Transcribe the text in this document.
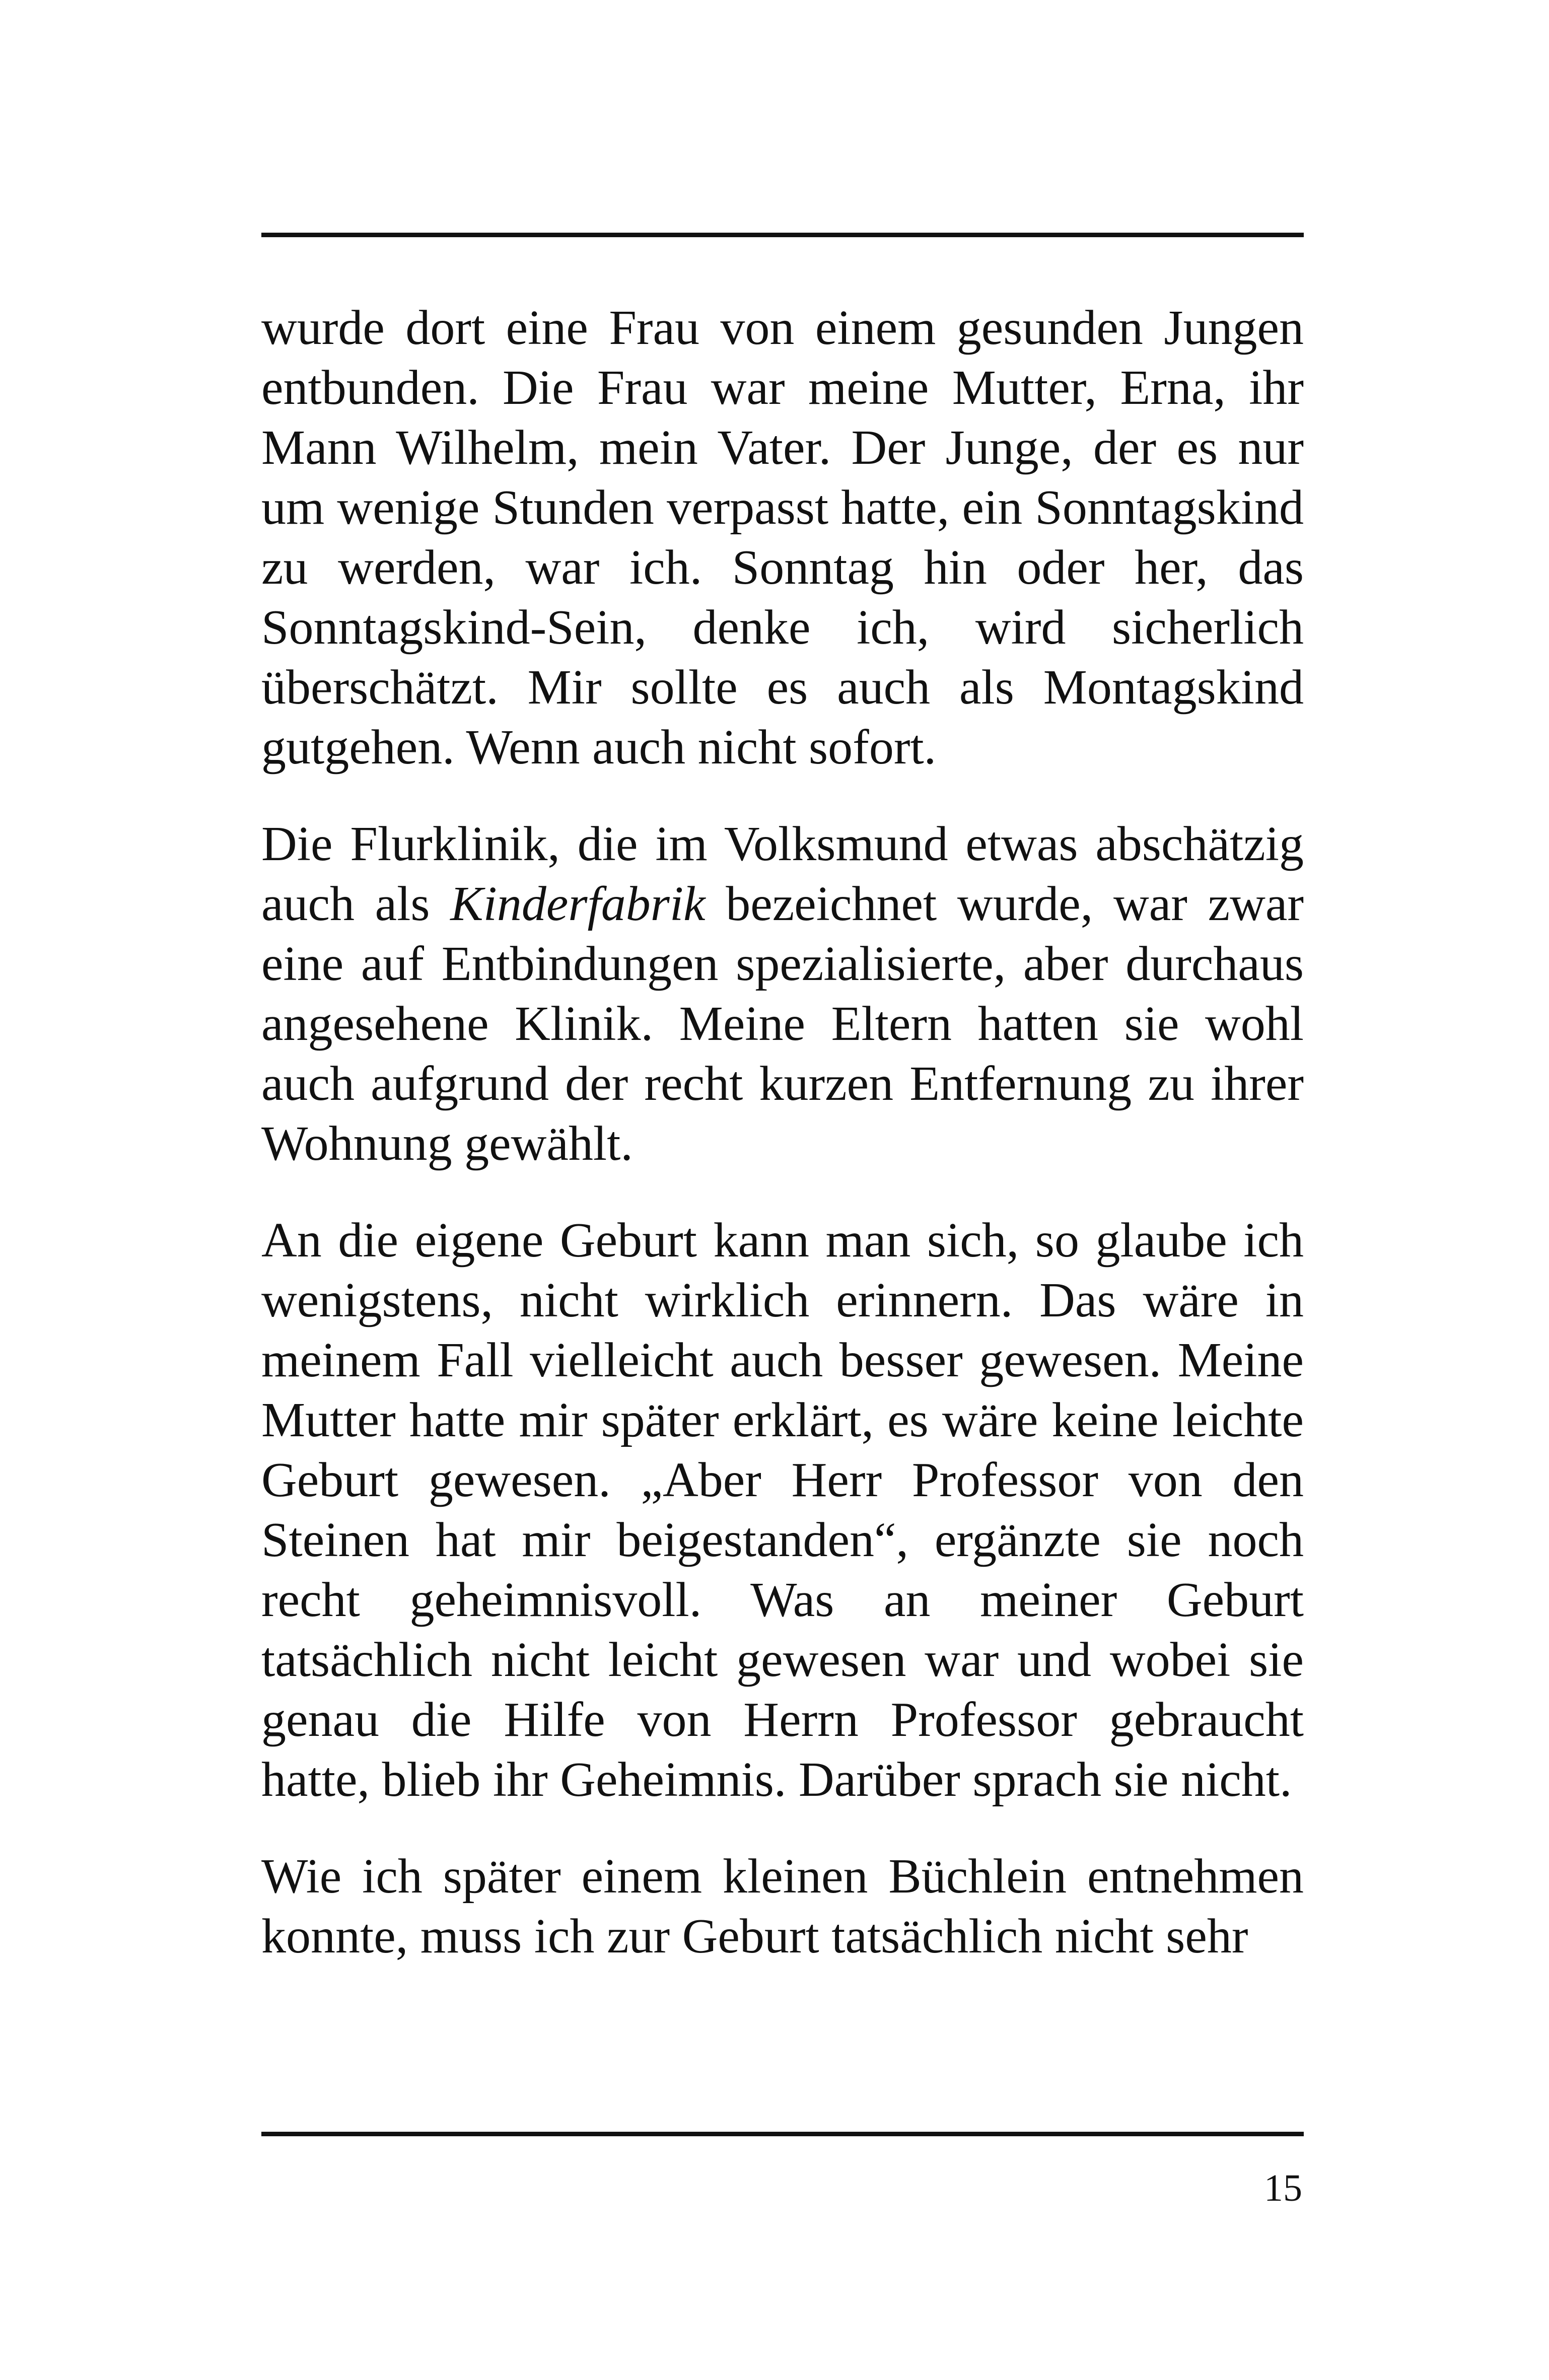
wurde dort eine Frau von einem gesunden Jungen entbunden. Die Frau war meine Mutter, Erna, ihr Mann Wilhelm, mein Vater. Der Junge, der es nur um wenige Stunden verpasst hatte, ein Sonntagskind zu werden, war ich. Sonntag hin oder her, das Sonntagskind-Sein, denke ich, wird sicherlich überschätzt. Mir sollte es auch als Montagskind gutgehen. Wenn auch nicht sofort.

Die Flurklinik, die im Volksmund etwas abschätzig auch als Kinderfabrik bezeichnet wurde, war zwar eine auf Entbindungen spezialisierte, aber durchaus angesehene Klinik. Meine Eltern hatten sie wohl auch aufgrund der recht kurzen Entfernung zu ihrer Wohnung gewählt.

An die eigene Geburt kann man sich, so glaube ich wenigstens, nicht wirklich erinnern. Das wäre in meinem Fall vielleicht auch besser gewesen. Meine Mutter hatte mir später erklärt, es wäre keine leichte Geburt gewesen. „Aber Herr Professor von den Steinen hat mir beigestanden“, ergänzte sie noch recht geheimnisvoll. Was an meiner Geburt tatsächlich nicht leicht gewesen war und wobei sie genau die Hilfe von Herrn Professor gebraucht hatte, blieb ihr Geheimnis. Darüber sprach sie nicht.

Wie ich später einem kleinen Büchlein entnehmen konnte, muss ich zur Geburt tatsächlich nicht sehr

15
